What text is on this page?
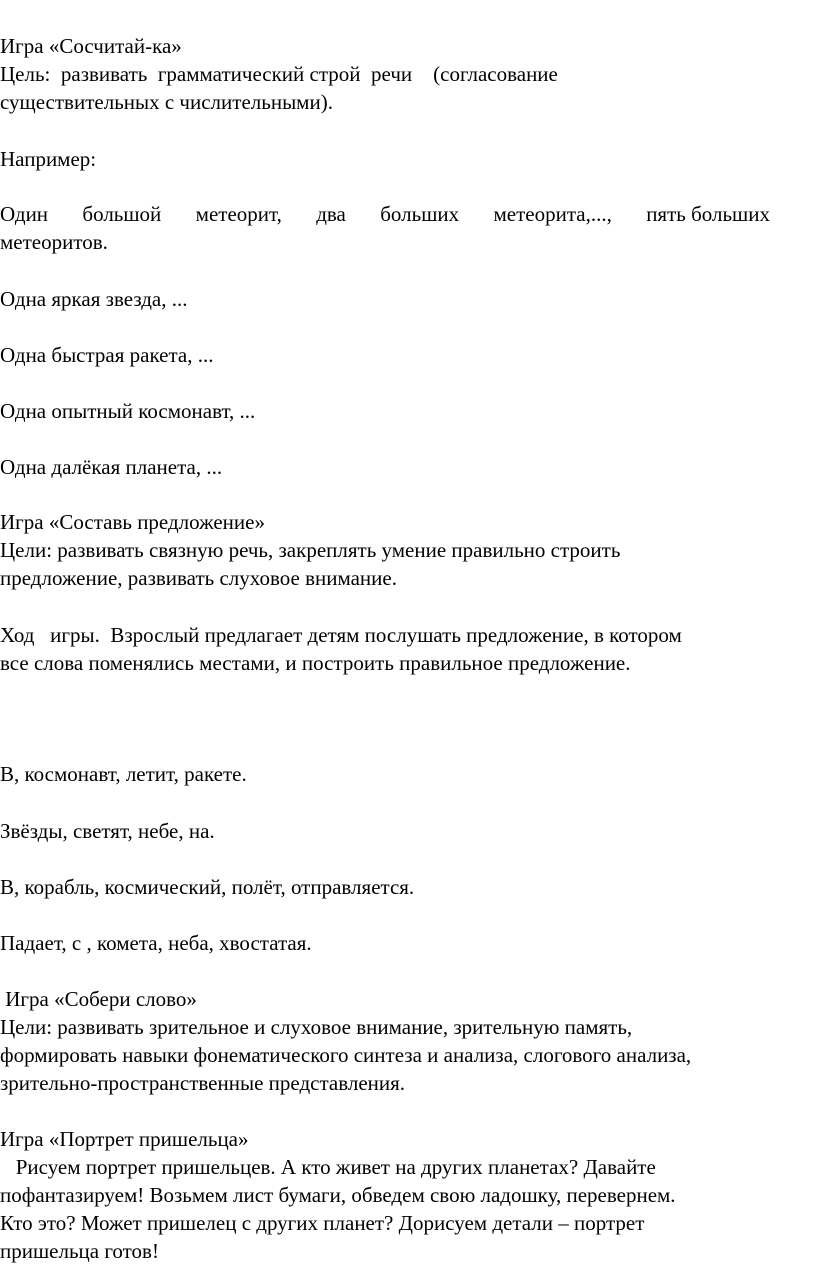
Игра «Сосчитай-ка»

Цель:  развивать  грамматический строй  речи    (согласование

существительных с числительными).

Например:

Один большой метеорит, два больших метеорита,..., пять больших

метеоритов.

Одна яркая звезда, ...

Одна быстрая ракета, ...

Одна опытный космонавт, ...

Одна далёкая планета, ...

Игра «Составь предложение»

Цели: развивать связную речь, закреплять умение правильно строить

предложение, развивать слуховое внимание.

Ход   игры.  Взрослый предлагает детям послушать предложение, в котором

все слова поменялись местами, и построить правильное предложение.

В, космонавт, летит, ракете.

Звёзды, светят, небе, на.

В, корабль, космический, полёт, отправляется.

Падает, с , комета, неба, хвостатая.

Игра «Собери слово»

Цели: развивать зрительное и слуховое внимание, зрительную память,

формировать навыки фонематического синтеза и анализа, слогового анализа,

зрительно-пространственные представления.

Игра «Портрет пришельца»

Рисуем портрет пришельцев. А кто живет на других планетах? Давайте

пофантазируем! Возьмем лист бумаги, обведем свою ладошку, перевернем.

Кто это? Может пришелец с других планет? Дорисуем детали – портрет

пришельца готов!
